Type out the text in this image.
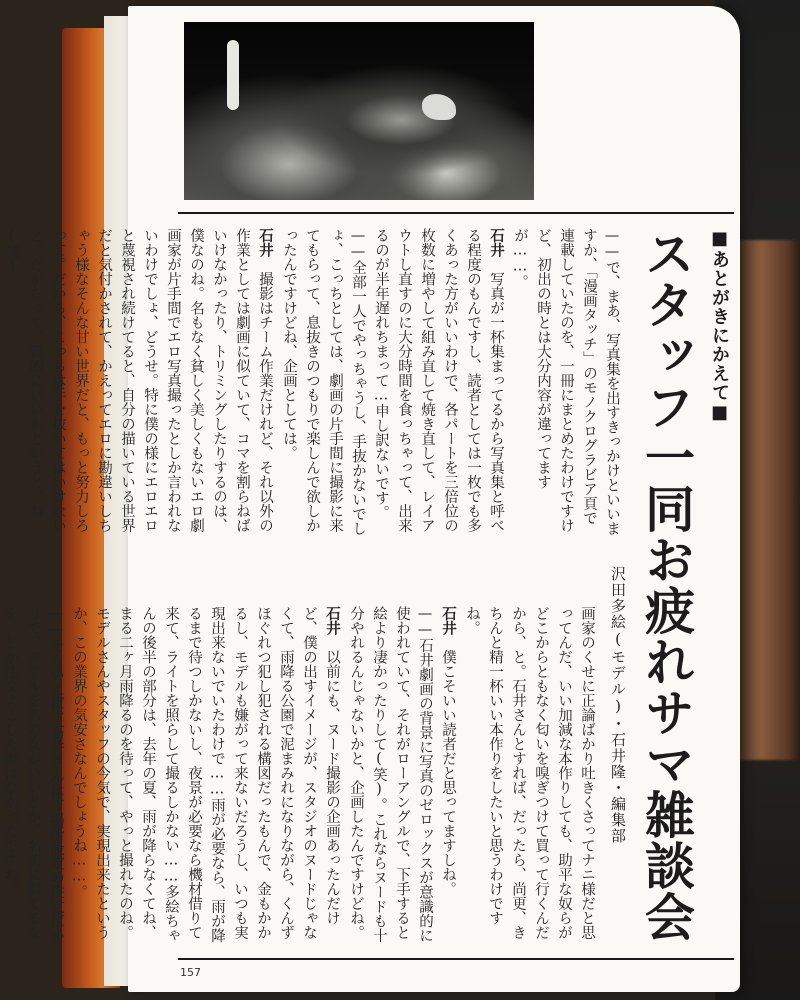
■あとがきにかえて■
スタッフ一同お疲れサマ雑談会
沢田多絵(モデル)・石井隆・編集部
——で、まあ、写真集を出すきっかけといいますか、「漫画タッチ」のモノクログラビア頁で連載していたのを、一冊にまとめたわけですけど、初出の時とは大分内容が違ってますが……。
石井　写真が一杯集まってるから写真集と呼べる程度のもんですし、読者としては一枚でも多くあった方がいいわけで、各パートを三倍位の枚数に増やして組み直して焼き直して、レイアウトし直すのに大分時間を食っちゃって、出来るのが半年遅れちまって…申し訳ないです。
——全部一人でやっちゃうし、手抜かないでしょ、こっちとしては、劇画の片手間に撮影に来てもらって、息抜きのつもりで楽しんで欲しかったんですけどね、企画としては。
石井　撮影はチーム作業だけれど、それ以外の作業としては劇画に似ていて、コマを割らねばいけなかったり、トリミングしたりするのは、僕なのね。名もなく貧しく美しくもないエロ劇画家が片手間でエロ写真撮ったとしか言われないわけでしょ、どうせ。特に僕の様にエロエロと蔑視され続けてると、自分の描いている世界だと気付かされて、かえってエロに勘違いしちゃう様なそんな甘い世界だと、もっと努力しろって。だから、こっちは手を抜いてはいけないと。だからって、質的にいいかというと、ね(笑)
画家のくせに正論ばかり吐きくさってナニ様だと思ってんだ、いい加減な本作りしても、助平な奴らがどこからともなく匂いを嗅ぎつけて買って行くんだから、と。石井さんとすれば、だったら、尚更、きちんと精一杯いい本作りをしたいと思うわけですね。
石井　僕こそいい読者だと思ってますしね。
——石井劇画の背景に写真のゼロックスが意識的に使われていて、それがローアングルで、下手すると絵より凄かったりして(笑)。これならヌードも十分やれるんじゃないかと、企画したんですけどね。
石井　以前にも、ヌード撮影の企画あったんだけど、僕の出すイメージが、スタジオのヌードじゃなくて、雨降る公園で泥まみれになりながら、くんずほぐれつ犯し犯される構図だったもんで、金もかかるし、モデルも嫌がって来ないだろうし、いつも実現出来ないでいたわけで……雨が必要なら、雨が降るまで待つしかないし、夜景が必要なら機材借りて来て、ライトを照らして撮るしかない……多絵ちゃんの後半の部分は、去年の夏、雨が降らなくてね、まる二ヶ月雨降るのを待って、やっと撮れたのね。モデルさんやスタッフの今気で、実現出来たというか、この業界の気安さなんでしょうね……。
——そういえば、石井さんは、場所設定の注文ばかりで、モデルをあの女がいいとか、名美に似てる女を、とか注文よこした事はなかったですね。
157
